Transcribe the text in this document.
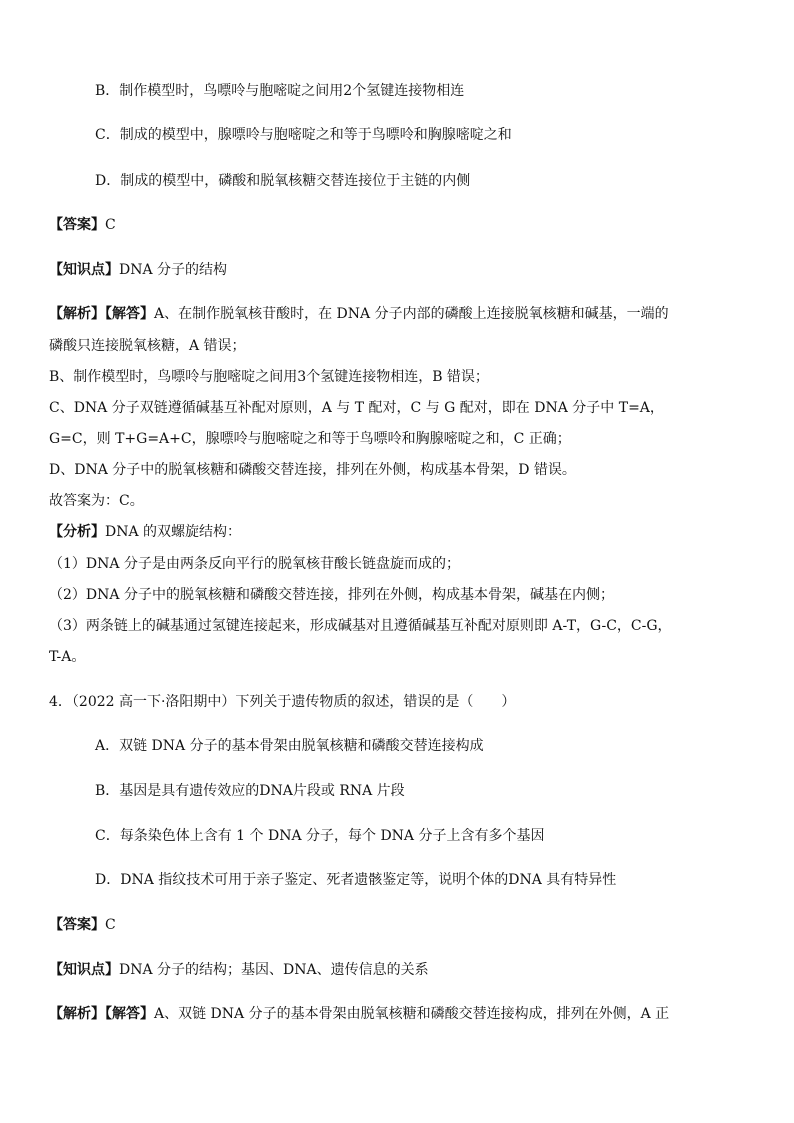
B．制作模型时，鸟嘌呤与胞嘧啶之间用2个氢键连接物相连
C．制成的模型中，腺嘌呤与胞嘧啶之和等于鸟嘌呤和胸腺嘧啶之和
D．制成的模型中，磷酸和脱氧核糖交替连接位于主链的内侧
【答案】C
【知识点】DNA 分子的结构
【解析】【解答】A、在制作脱氧核苷酸时，在 DNA 分子内部的磷酸上连接脱氧核糖和碱基，一端的
磷酸只连接脱氧核糖，A 错误；
B、制作模型时，鸟嘌呤与胞嘧啶之间用3个氢键连接物相连，B 错误；
C、DNA 分子双链遵循碱基互补配对原则，A 与 T 配对，C 与 G 配对，即在 DNA 分子中 T=A，
G=C，则 T+G=A+C，腺嘌呤与胞嘧啶之和等于鸟嘌呤和胸腺嘧啶之和，C 正确；
D、DNA 分子中的脱氧核糖和磷酸交替连接，排列在外侧，构成基本骨架，D 错误。
故答案为：C。
【分析】DNA 的双螺旋结构：
（1）DNA 分子是由两条反向平行的脱氧核苷酸长链盘旋而成的；
（2）DNA 分子中的脱氧核糖和磷酸交替连接，排列在外侧，构成基本骨架，碱基在内侧；
（3）两条链上的碱基通过氢键连接起来，形成碱基对且遵循碱基互补配对原则即 A-T，G-C，C-G，
T-A。
4．（2022 高一下·洛阳期中）下列关于遗传物质的叙述，错误的是（　　）
A．双链 DNA 分子的基本骨架由脱氧核糖和磷酸交替连接构成
B．基因是具有遗传效应的DNA片段或 RNA 片段
C．每条染色体上含有 1 个 DNA 分子，每个 DNA 分子上含有多个基因
D．DNA 指纹技术可用于亲子鉴定、死者遗骸鉴定等，说明个体的DNA 具有特异性
【答案】C
【知识点】DNA 分子的结构；基因、DNA、遗传信息的关系
【解析】【解答】A、双链 DNA 分子的基本骨架由脱氧核糖和磷酸交替连接构成，排列在外侧，A 正
